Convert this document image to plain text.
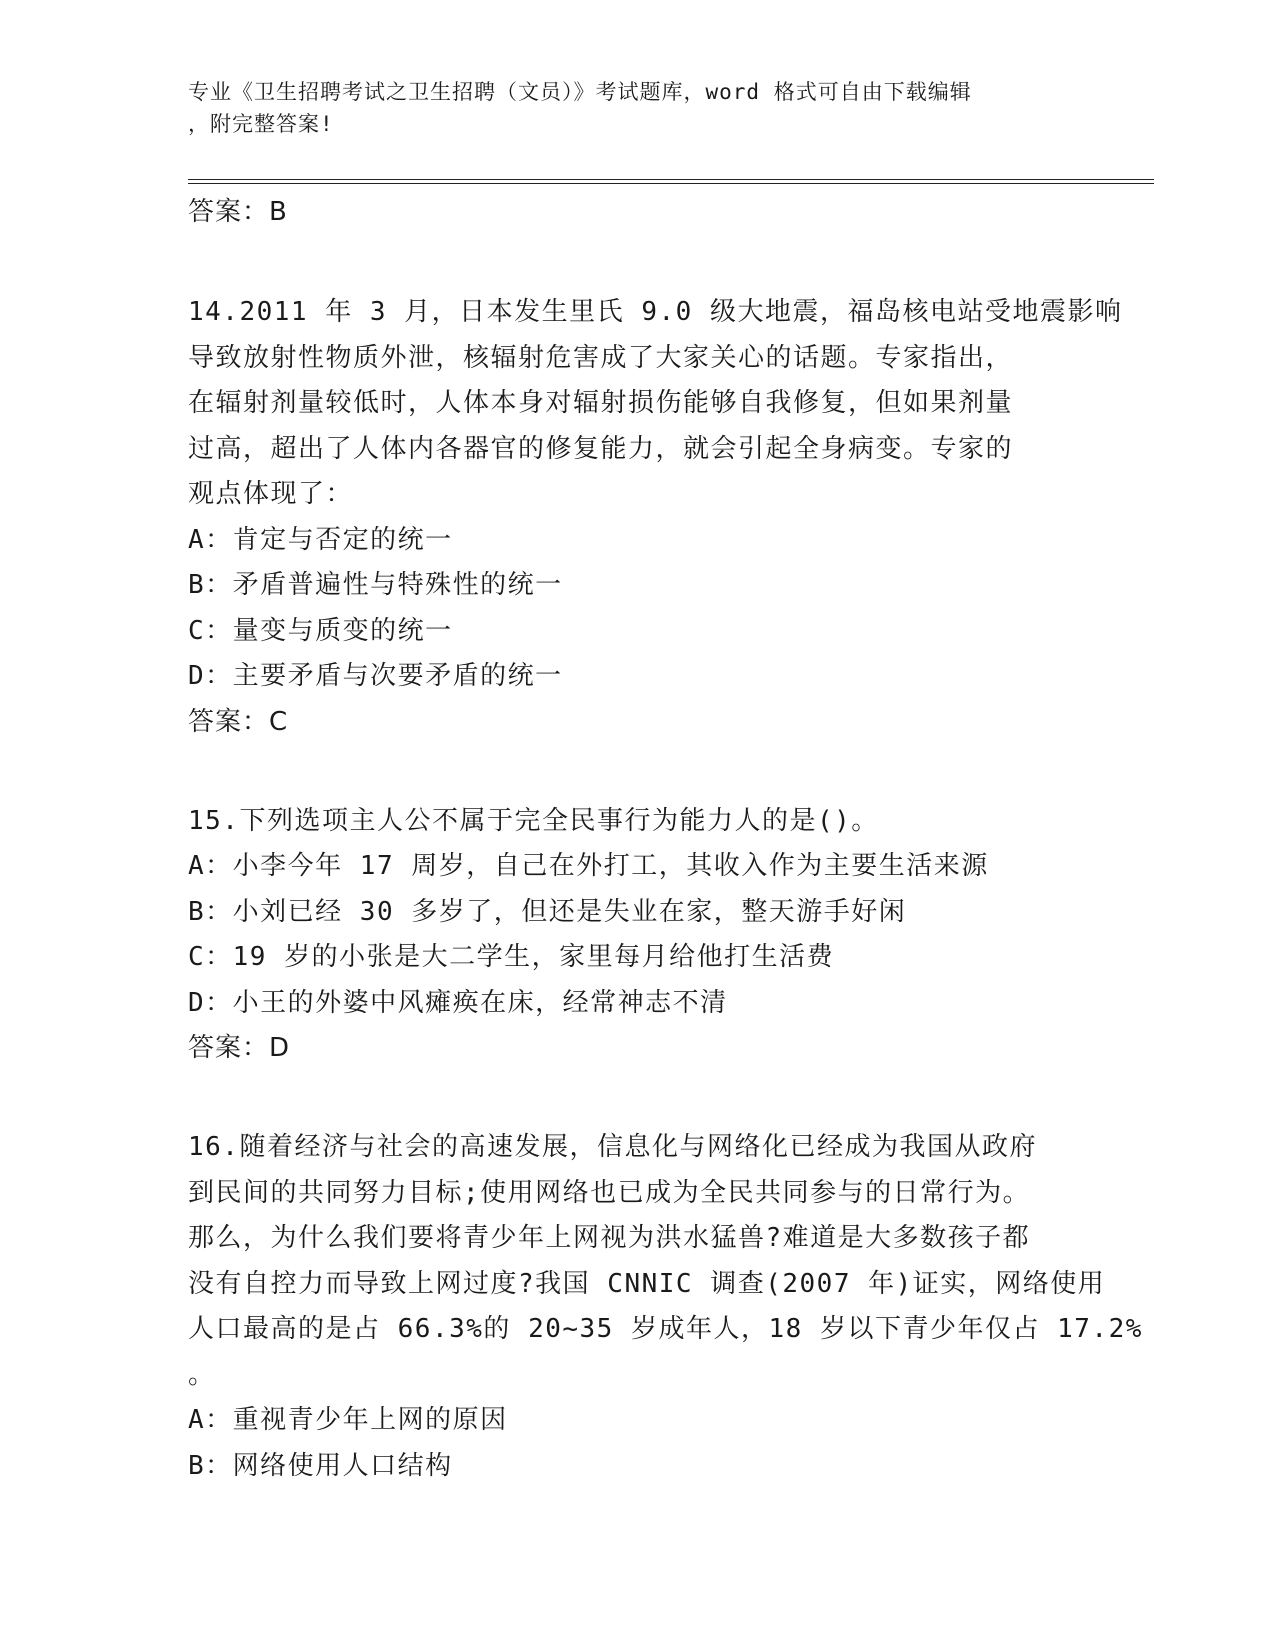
专业《卫生招聘考试之卫生招聘（文员）》考试题库，word 格式可自由下载编辑
，附完整答案!
答案：B
14.2011 年 3 月，日本发生里氏 9.0 级大地震，福岛核电站受地震影响
导致放射性物质外泄，核辐射危害成了大家关心的话题。专家指出，
在辐射剂量较低时，人体本身对辐射损伤能够自我修复，但如果剂量
过高，超出了人体内各器官的修复能力，就会引起全身病变。专家的
观点体现了：
A：肯定与否定的统一
B：矛盾普遍性与特殊性的统一
C：量变与质变的统一
D：主要矛盾与次要矛盾的统一
答案：C
15.下列选项主人公不属于完全民事行为能力人的是()。
A：小李今年 17 周岁，自己在外打工，其收入作为主要生活来源
B：小刘已经 30 多岁了，但还是失业在家，整天游手好闲
C：19 岁的小张是大二学生，家里每月给他打生活费
D：小王的外婆中风瘫痪在床，经常神志不清
答案：D
16.随着经济与社会的高速发展，信息化与网络化已经成为我国从政府
到民间的共同努力目标;使用网络也已成为全民共同参与的日常行为。
那么，为什么我们要将青少年上网视为洪水猛兽?难道是大多数孩子都
没有自控力而导致上网过度?我国 CNNIC 调查(2007 年)证实，网络使用
人口最高的是占 66.3%的 20~35 岁成年人，18 岁以下青少年仅占 17.2%
。
A：重视青少年上网的原因
B：网络使用人口结构
